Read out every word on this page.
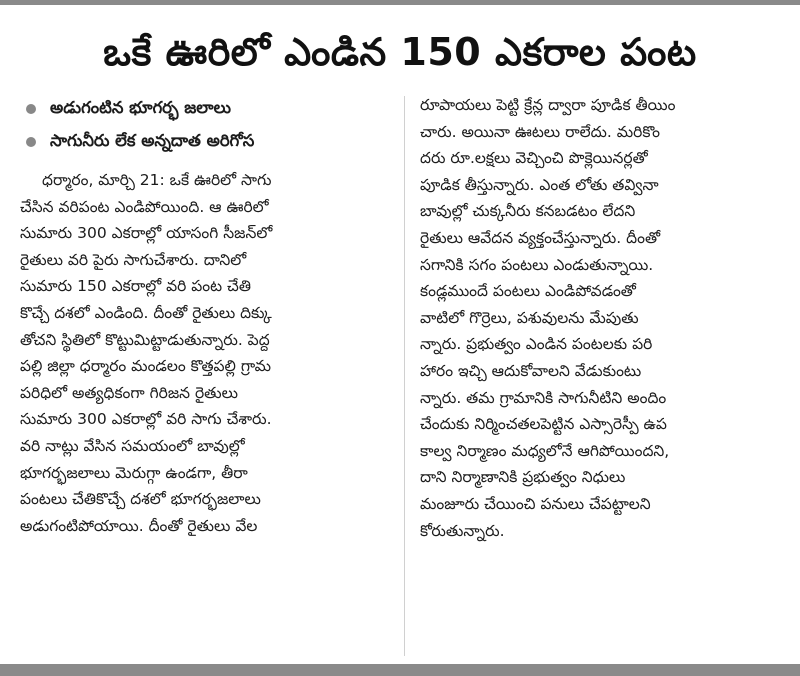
ఒకే ఊరిలో ఎండిన 150 ఎకరాల పంట
అడుగంటిన భూగర్భ జలాలు
సాగునీరు లేక అన్నదాత అరిగోస
ధర్మారం, మార్చి 21: ఒకే ఊరిలో సాగు
చేసిన వరిపంట ఎండిపోయింది. ఆ ఊరిలో
సుమారు 300 ఎకరాల్లో యాసంగి సీజన్‌లో
రైతులు వరి పైరు సాగుచేశారు. దానిలో
సుమారు 150 ఎకరాల్లో వరి పంట చేతి
కొచ్చే దశలో ఎండింది. దీంతో రైతులు దిక్కు
తోచని స్థితిలో కొట్టుమిట్టాడుతున్నారు. పెద్ద
పల్లి జిల్లా ధర్మారం మండలం కొత్తపల్లి గ్రామ
పరిధిలో అత్యధికంగా గిరిజన రైతులు
సుమారు 300 ఎకరాల్లో వరి సాగు చేశారు.
వరి నాట్లు వేసిన సమయంలో బావుల్లో
భూగర్భజలాలు మెరుగ్గా ఉండగా, తీరా
పంటలు చేతికొచ్చే దశలో భూగర్భజలాలు
అడుగంటిపోయాయి. దీంతో రైతులు వేల
రూపాయలు పెట్టి క్రేన్ల ద్వారా పూడిక తీయిం
చారు. అయినా ఊటలు రాలేదు. మరికొం
దరు రూ.లక్షలు వెచ్చించి పొక్లెయినర్లతో
పూడిక తీస్తున్నారు. ఎంత లోతు తవ్వినా
బావుల్లో చుక్కనీరు కనబడటం లేదని
రైతులు ఆవేదన వ్యక్తంచేస్తున్నారు. దీంతో
సగానికి సగం పంటలు ఎండుతున్నాయి.
కండ్లముందే పంటలు ఎండిపోవడంతో
వాటిలో గొర్రెలు, పశువులను మేపుతు
న్నారు. ప్రభుత్వం ఎండిన పంటలకు పరి
హారం ఇచ్చి ఆదుకోవాలని వేడుకుంటు
న్నారు. తమ గ్రామానికి సాగునీటిని అందిం
చేందుకు నిర్మించతలపెట్టిన ఎస్సారెస్పీ ఉప
కాల్వ నిర్మాణం మధ్యలోనే ఆగిపోయిందని,
దాని నిర్మాణానికి ప్రభుత్వం నిధులు
మంజూరు చేయించి పనులు చేపట్టాలని
కోరుతున్నారు.
